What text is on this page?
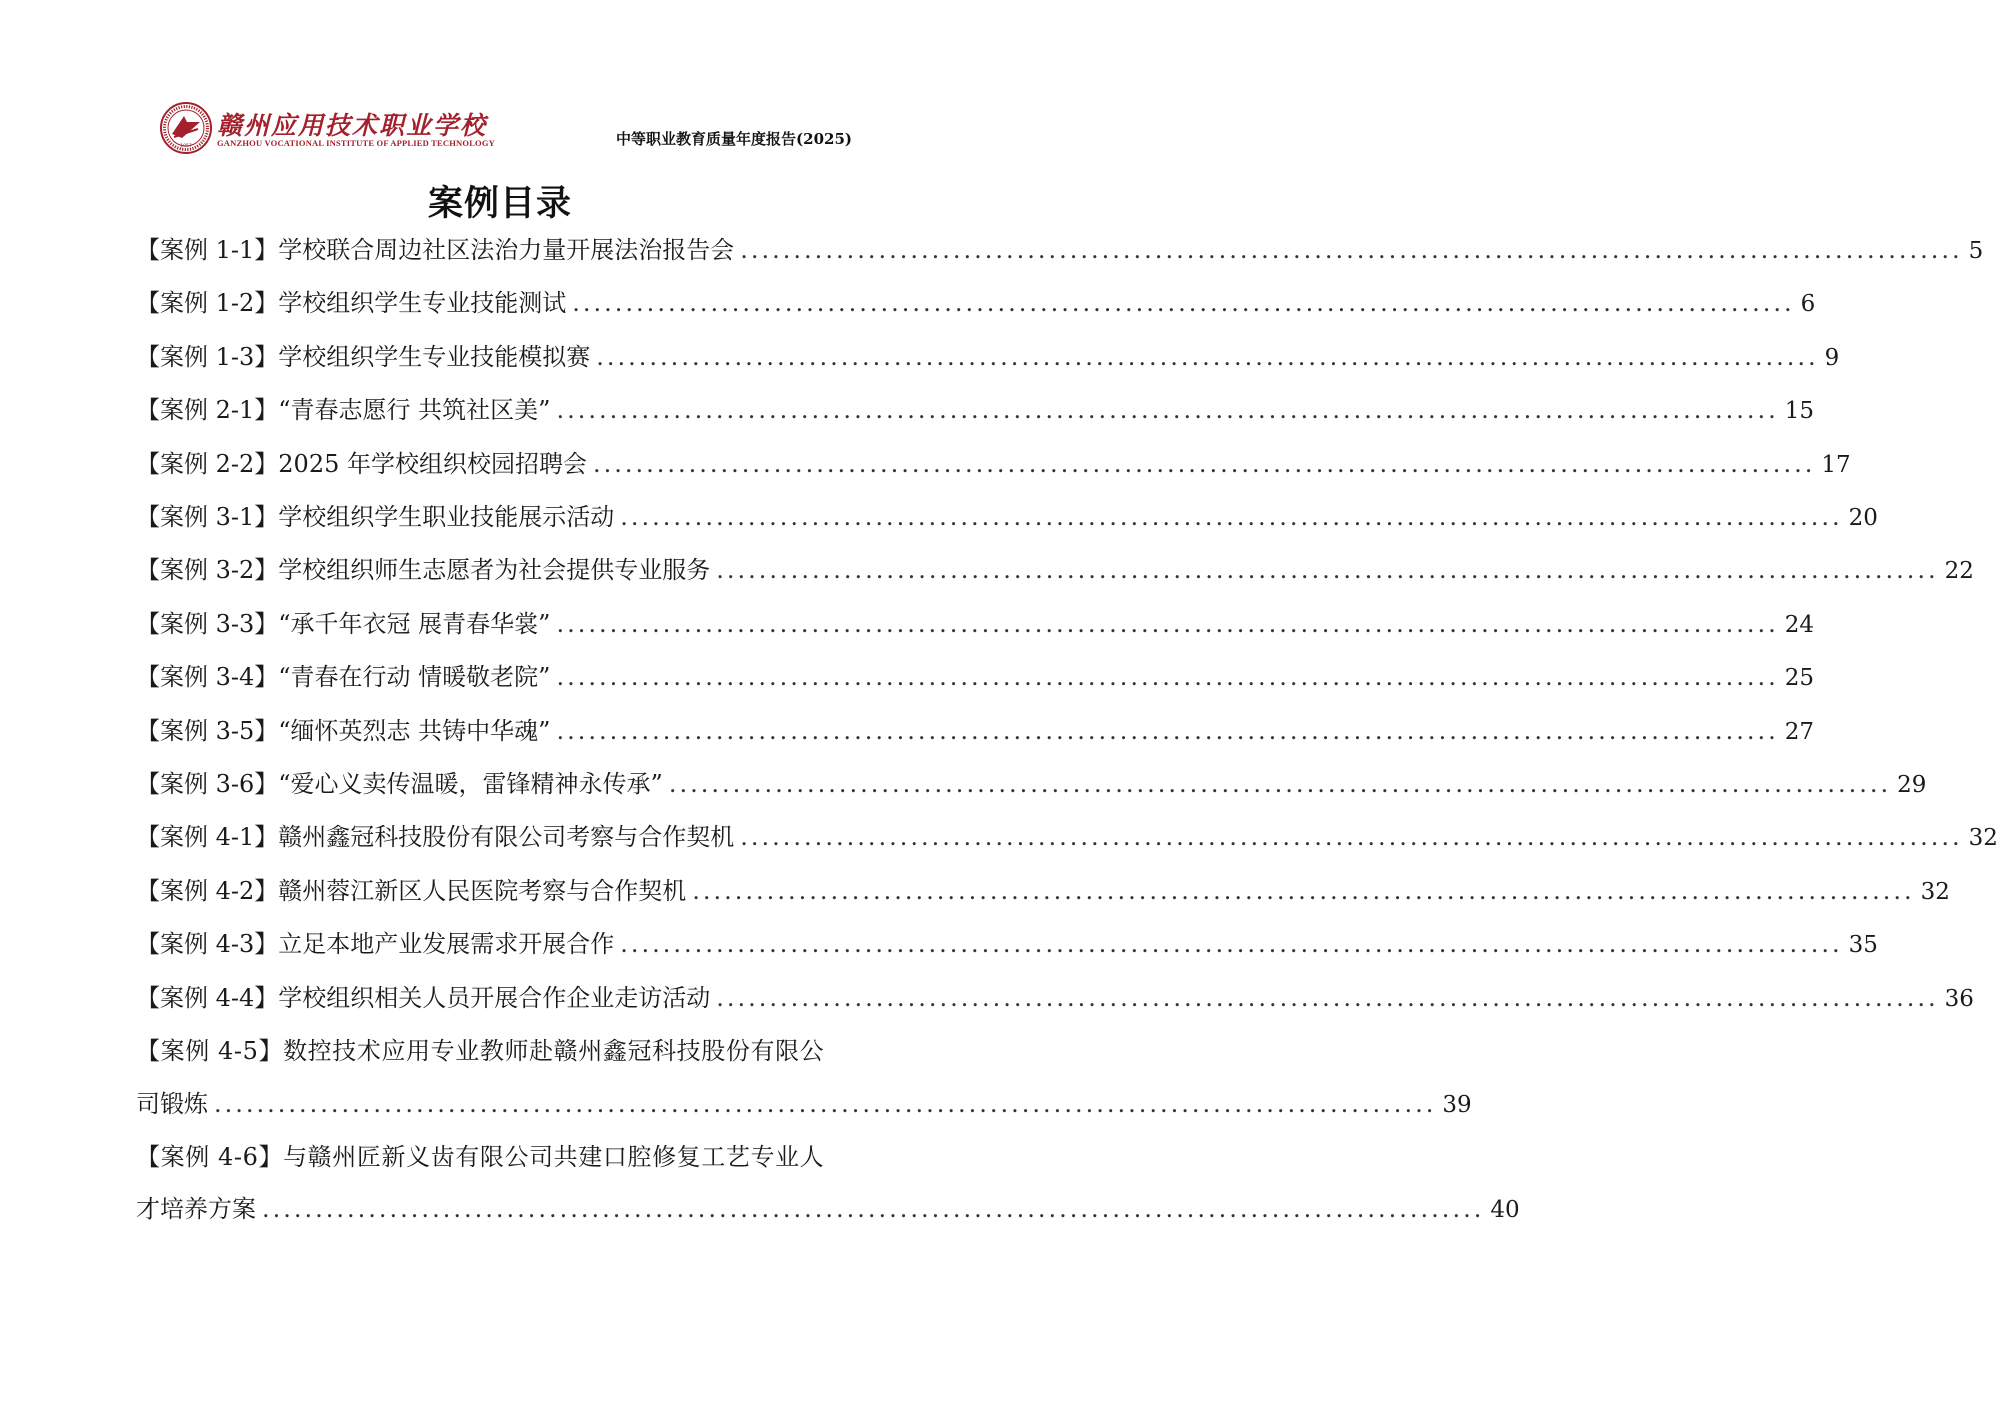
1957
赣州应用技术职业学校
GANZHOU VOCATIONAL INSTITUTE OF APPLIED TECHNOLOGY	中等职业教育质量年度报告(2025)
案例目录
【案例 1-1】 学校联合周边社区法治力量开展法治报告会 ................................................................................................................... 5
【案例 1-2】 学校组织学生专业技能测试 ................................................................................................................... 6
【案例 1-3】 学校组织学生专业技能模拟赛 ................................................................................................................... 9
【案例 2-1】 “青春志愿行 共筑社区美” ................................................................................................................... 15
【案例 2-2】 2025 年学校组织校园招聘会 ................................................................................................................... 17
【案例 3-1】 学校组织学生职业技能展示活动 ................................................................................................................... 20
【案例 3-2】 学校组织师生志愿者为社会提供专业服务 ................................................................................................................... 22
【案例 3-3】 “承千年衣冠 展青春华裳” ................................................................................................................... 24
【案例 3-4】 “青春在行动 情暖敬老院” ................................................................................................................... 25
【案例 3-5】 “缅怀英烈志 共铸中华魂” ................................................................................................................... 27
【案例 3-6】 “爱心义卖传温暖，雷锋精神永传承” ................................................................................................................... 29
【案例 4-1】 赣州鑫冠科技股份有限公司考察与合作契机 ................................................................................................................... 32
【案例 4-2】 赣州蓉江新区人民医院考察与合作契机 ................................................................................................................... 32
【案例 4-3】 立足本地产业发展需求开展合作 ................................................................................................................... 35
【案例 4-4】 学校组织相关人员开展合作企业走访活动 ................................................................................................................... 36
【案例 4-5】数控技术应用专业教师赴赣州鑫冠科技股份有限公
司锻炼 ................................................................................................................... 39
【案例 4-6】与赣州匠新义齿有限公司共建口腔修复工艺专业人
才培养方案 ................................................................................................................... 40
